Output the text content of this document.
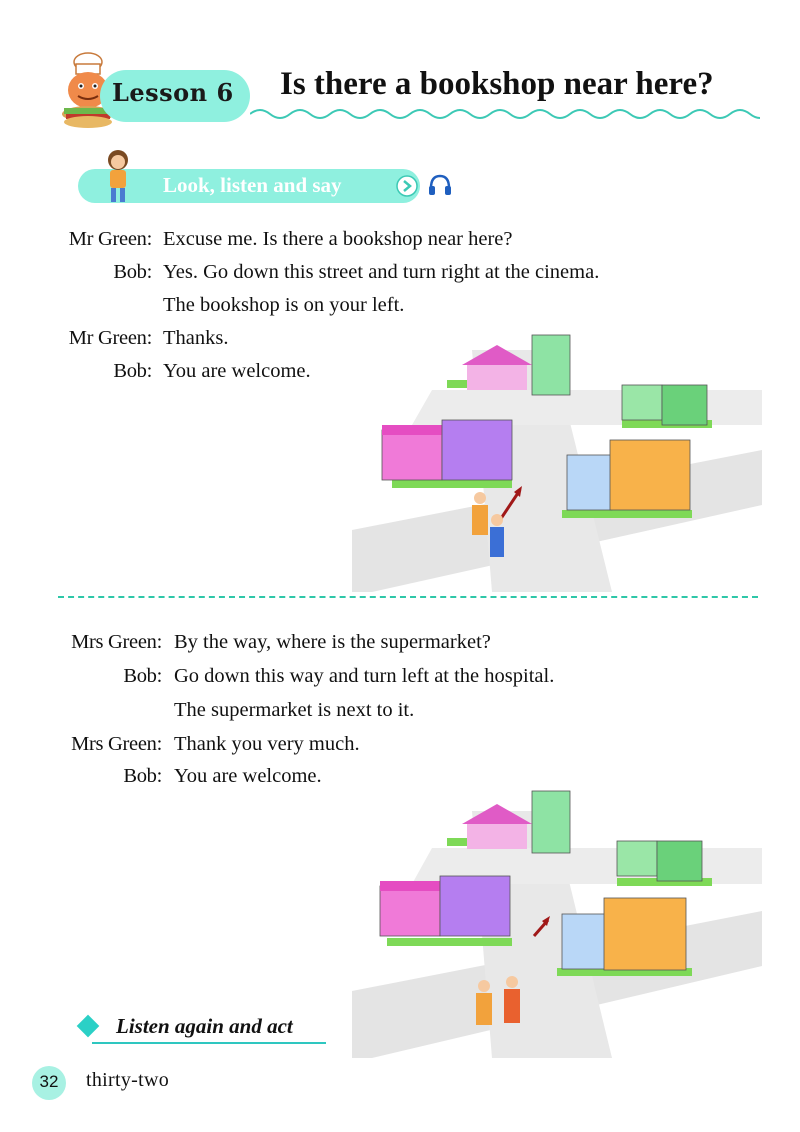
Lesson 6 Is there a bookshop near here?
Look, listen and say
Mr Green: Excuse me. Is there a bookshop near here?
Bob: Yes. Go down this street and turn right at the cinema.
The bookshop is on your left.
Mr Green: Thanks.
Bob: You are welcome.
Mrs Green: By the way, where is the supermarket?
Bob: Go down this way and turn left at the hospital.
The supermarket is next to it.
Mrs Green: Thank you very much.
Bob: You are welcome.
Listen again and act
32	thirty-two
